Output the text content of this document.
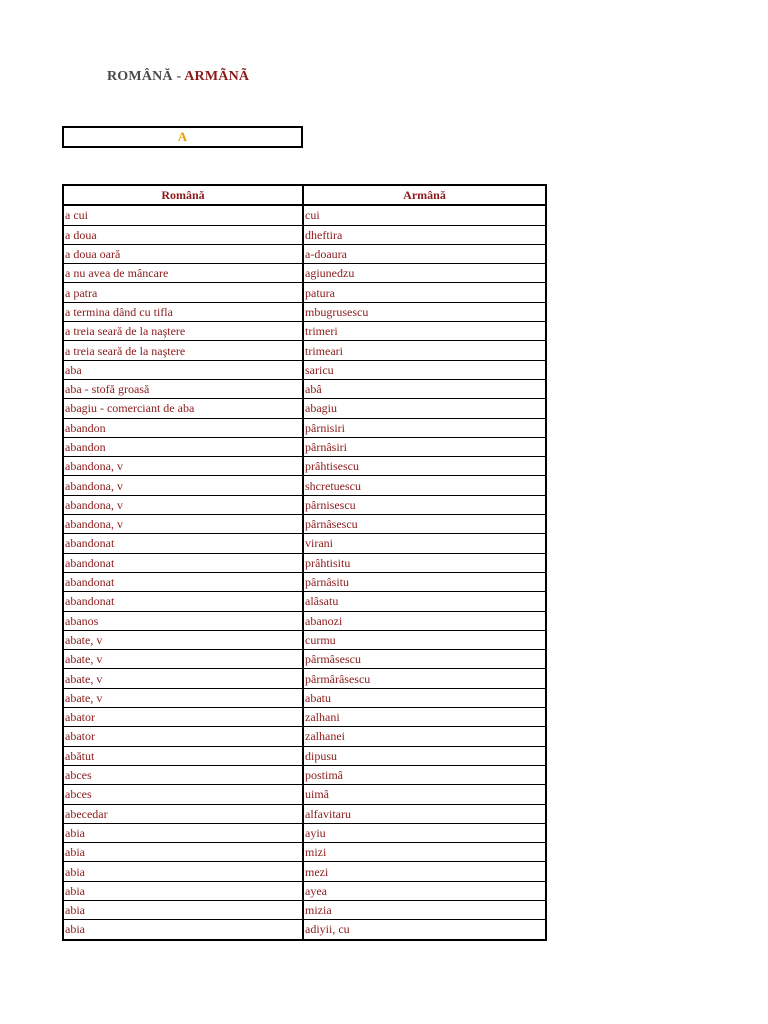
ROMÂNĂ - ARMÃNÃ
A
Română	Armână
a cui	cui
a doua	dheftira
a doua oară	a-doaura
a nu avea de mâncare	agiunedzu
a patra	patura
a termina dând cu tifla	mbugrusescu
a treia seară de la naştere	trimeri
a treia seară de la naştere	trimeari
aba	saricu
aba - stofă groasă	abâ
abagiu - comerciant de aba	abagiu
abandon	pârnisiri
abandon	pârnâsiri
abandona, v	prâhtisescu
abandona, v	shcretuescu
abandona, v	pârnisescu
abandona, v	pârnâsescu
abandonat	virani
abandonat	prâhtisitu
abandonat	pârnâsitu
abandonat	alâsatu
abanos	abanozi
abate, v	curmu
abate, v	pârmâsescu
abate, v	pârmârâsescu
abate, v	abatu
abator	zalhani
abator	zalhanei
abătut	dipusu
abces	postimâ
abces	uimâ
abecedar	alfavitaru
abia	ayiu
abia	mizi
abia	mezi
abia	ayea
abia	mizia
abia	adiyii, cu
